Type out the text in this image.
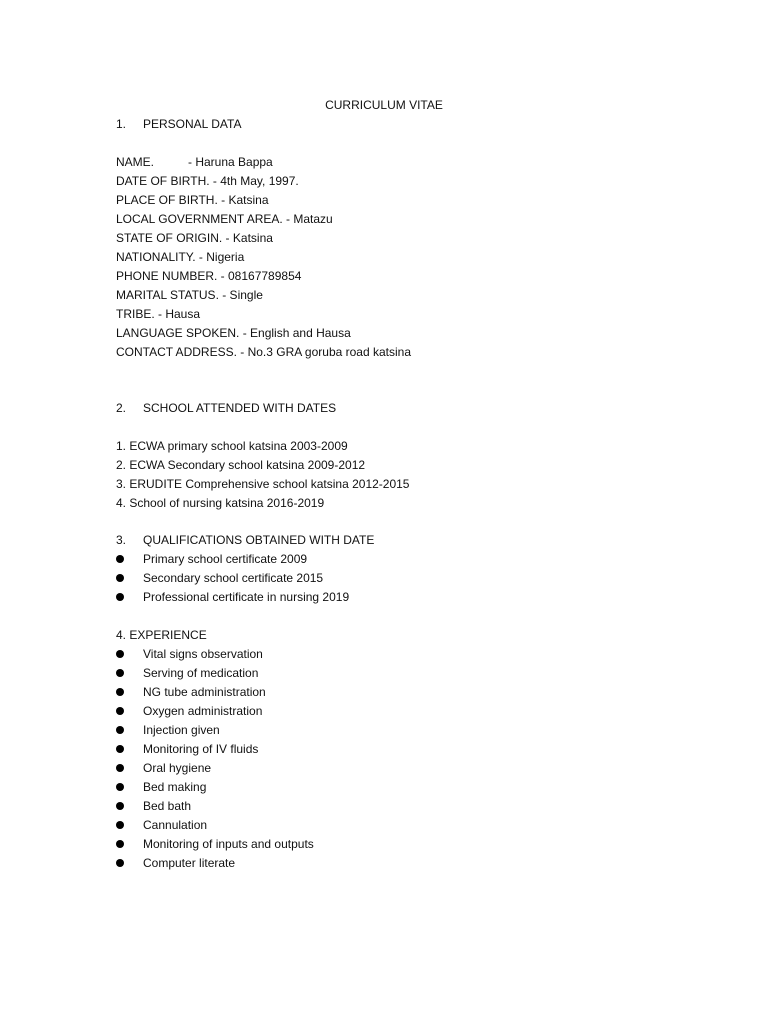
CURRICULUM VITAE
1. PERSONAL DATA
NAME.	- Haruna Bappa
DATE OF BIRTH. - 4th May, 1997.
PLACE OF BIRTH. - Katsina
LOCAL GOVERNMENT AREA. - Matazu
STATE OF ORIGIN. - Katsina
NATIONALITY. - Nigeria
PHONE NUMBER. - 08167789854
MARITAL STATUS. - Single
TRIBE. - Hausa
LANGUAGE SPOKEN. - English and Hausa
CONTACT ADDRESS. - No.3 GRA goruba road katsina
2. SCHOOL ATTENDED WITH DATES
1. ECWA primary school katsina 2003-2009
2. ECWA Secondary school katsina 2009-2012
3. ERUDITE Comprehensive school katsina 2012-2015
4. School of nursing katsina 2016-2019
3. QUALIFICATIONS OBTAINED WITH DATE
Primary school certificate 2009
Secondary school certificate 2015
Professional certificate in nursing 2019
4. EXPERIENCE
Vital signs observation
Serving of medication
NG tube administration
Oxygen administration
Injection given
Monitoring of IV fluids
Oral hygiene
Bed making
Bed bath
Cannulation
Monitoring of inputs and outputs
Computer literate
